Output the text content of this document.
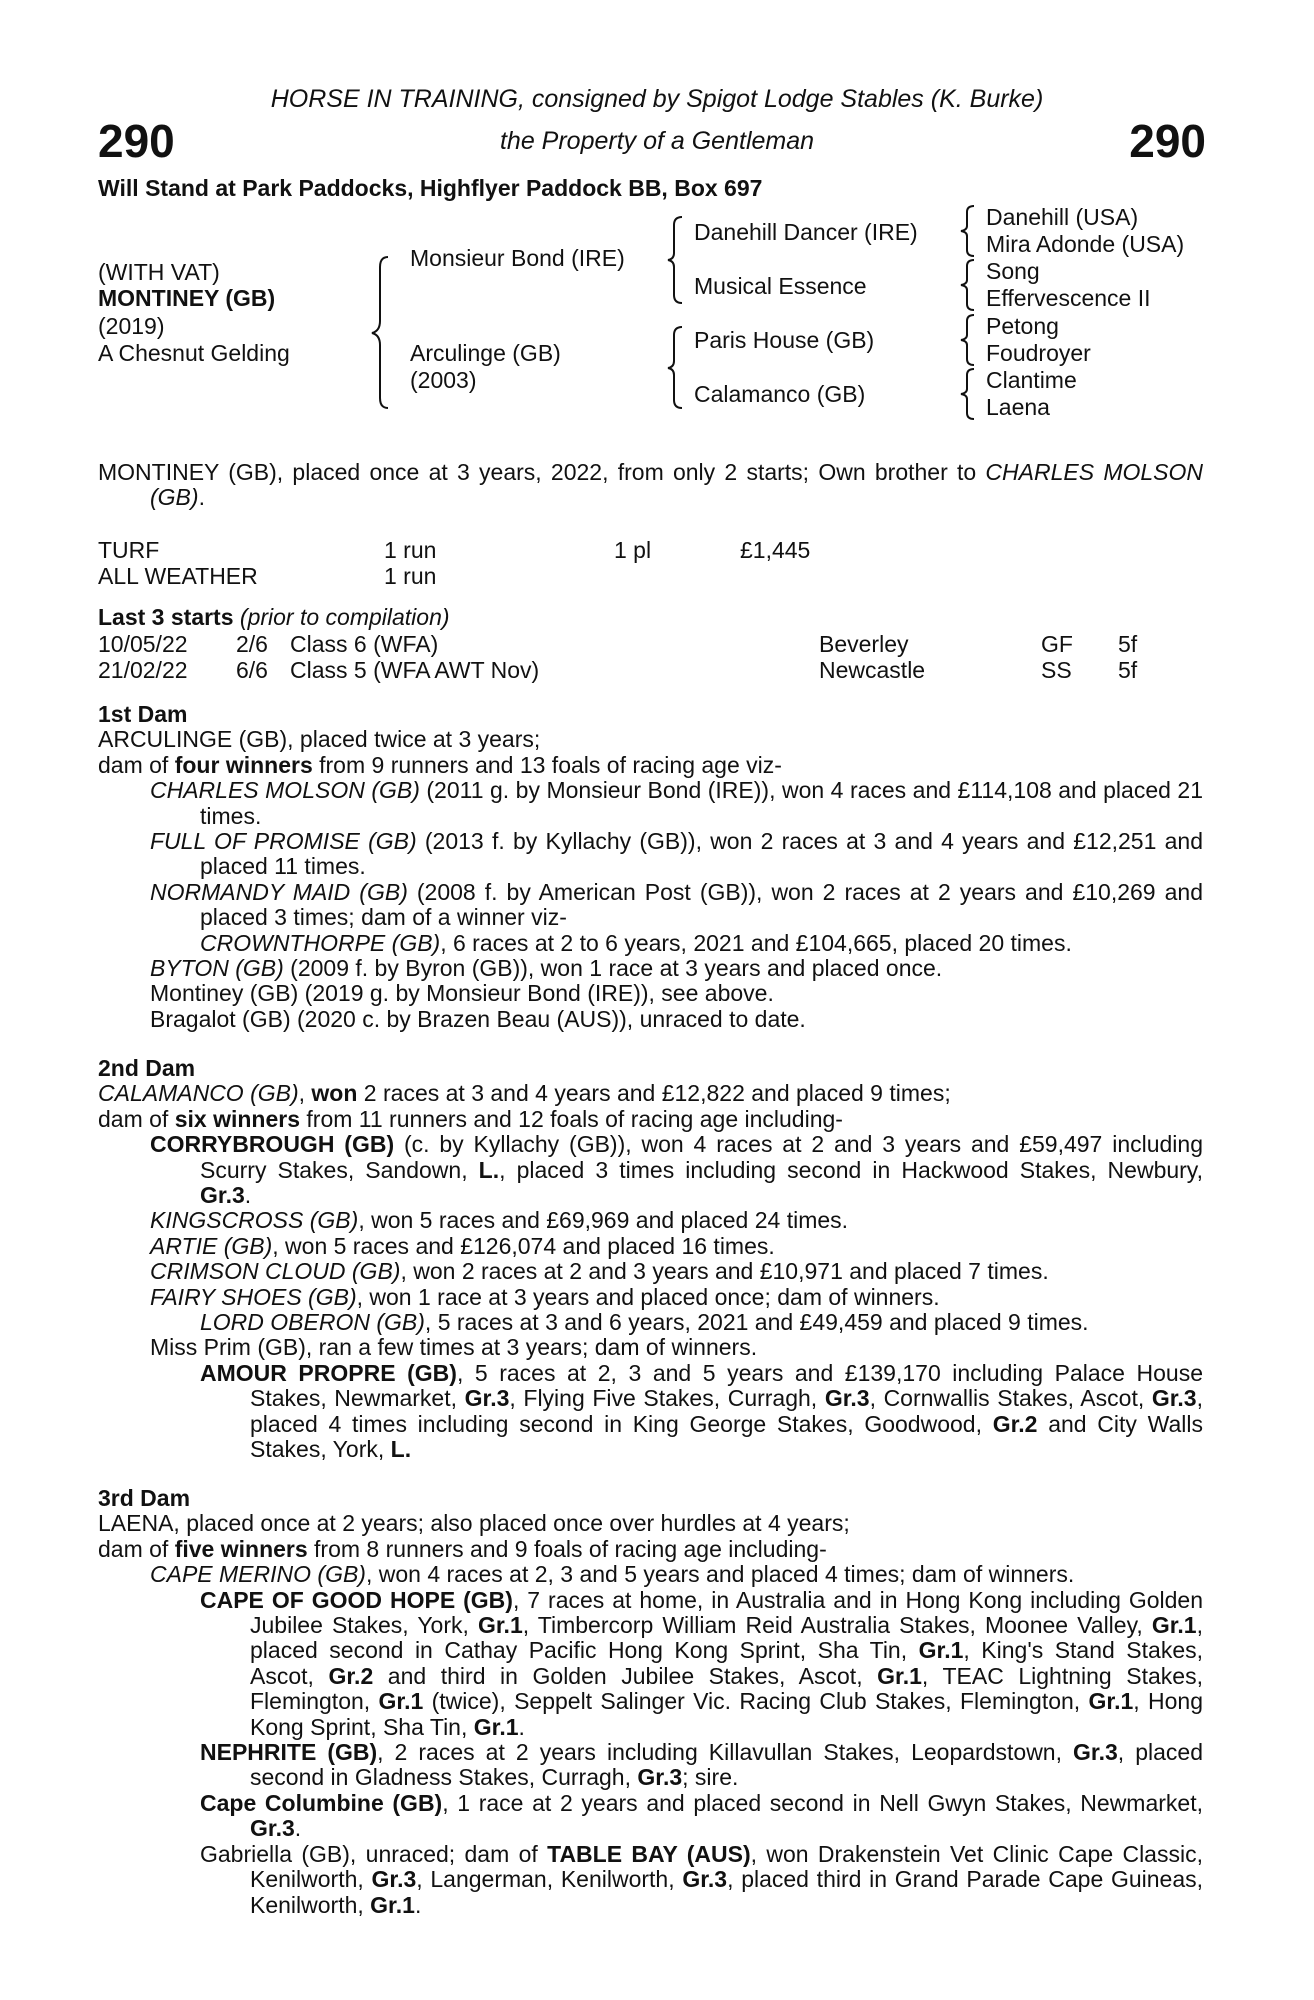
290	290
HORSE IN TRAINING, consigned by Spigot Lodge Stables (K. Burke)
the Property of a Gentleman
Will Stand at Park Paddocks, Highflyer Paddock BB, Box 697
(WITH VAT)
MONTINEY (GB)
(2019)
A Chesnut Gelding
Monsieur Bond (IRE)
Arculinge (GB)
(2003)
Danehill Dancer (IRE)
Musical Essence
Paris House (GB)
Calamanco (GB)
Danehill (USA)
Mira Adonde (USA)
Song
Effervescence II
Petong
Foudroyer
Clantime
Laena

MONTINEY (GB), placed once at 3 years, 2022, from only 2 starts; Own brother to CHARLES MOLSON (GB).

TURF	1 run	1 pl	£1,445
ALL WEATHER	1 run
Last 3 starts (prior to compilation)
10/05/22 2/6 Class 6 (WFA)	Beverley	GF 5f
21/02/22 6/6 Class 5 (WFA AWT Nov)	Newcastle	SS 5f

1st Dam

ARCULINGE (GB), placed twice at 3 years;

dam of four winners from 9 runners and 13 foals of racing age viz-

CHARLES MOLSON (GB) (2011 g. by Monsieur Bond (IRE)), won 4 races and £114,108 and placed 21 times.

FULL OF PROMISE (GB) (2013 f. by Kyllachy (GB)), won 2 races at 3 and 4 years and £12,251 and placed 11 times.

NORMANDY MAID (GB) (2008 f. by American Post (GB)), won 2 races at 2 years and £10,269 and placed 3 times; dam of a winner viz-

CROWNTHORPE (GB), 6 races at 2 to 6 years, 2021 and £104,665, placed 20 times.

BYTON (GB) (2009 f. by Byron (GB)), won 1 race at 3 years and placed once.

Montiney (GB) (2019 g. by Monsieur Bond (IRE)), see above.

Bragalot (GB) (2020 c. by Brazen Beau (AUS)), unraced to date.

2nd Dam

CALAMANCO (GB), won 2 races at 3 and 4 years and £12,822 and placed 9 times;

dam of six winners from 11 runners and 12 foals of racing age including-

CORRYBROUGH (GB) (c. by Kyllachy (GB)), won 4 races at 2 and 3 years and £59,497 including Scurry Stakes, Sandown, L., placed 3 times including second in Hackwood Stakes, Newbury, Gr.3.

KINGSCROSS (GB), won 5 races and £69,969 and placed 24 times.

ARTIE (GB), won 5 races and £126,074 and placed 16 times.

CRIMSON CLOUD (GB), won 2 races at 2 and 3 years and £10,971 and placed 7 times.

FAIRY SHOES (GB), won 1 race at 3 years and placed once; dam of winners.

LORD OBERON (GB), 5 races at 3 and 6 years, 2021 and £49,459 and placed 9 times.

Miss Prim (GB), ran a few times at 3 years; dam of winners.

AMOUR PROPRE (GB), 5 races at 2, 3 and 5 years and £139,170 including Palace House Stakes, Newmarket, Gr.3, Flying Five Stakes, Curragh, Gr.3, Cornwallis Stakes, Ascot, Gr.3, placed 4 times including second in King George Stakes, Goodwood, Gr.2 and City Walls Stakes, York, L.

3rd Dam

LAENA, placed once at 2 years; also placed once over hurdles at 4 years;

dam of five winners from 8 runners and 9 foals of racing age including-

CAPE MERINO (GB), won 4 races at 2, 3 and 5 years and placed 4 times; dam of winners.

CAPE OF GOOD HOPE (GB), 7 races at home, in Australia and in Hong Kong including Golden Jubilee Stakes, York, Gr.1, Timbercorp William Reid Australia Stakes, Moonee Valley, Gr.1, placed second in Cathay Pacific Hong Kong Sprint, Sha Tin, Gr.1, King's Stand Stakes, Ascot, Gr.2 and third in Golden Jubilee Stakes, Ascot, Gr.1, TEAC Lightning Stakes, Flemington, Gr.1 (twice), Seppelt Salinger Vic. Racing Club Stakes, Flemington, Gr.1, Hong Kong Sprint, Sha Tin, Gr.1.

NEPHRITE (GB), 2 races at 2 years including Killavullan Stakes, Leopardstown, Gr.3, placed second in Gladness Stakes, Curragh, Gr.3; sire.

Cape Columbine (GB), 1 race at 2 years and placed second in Nell Gwyn Stakes, Newmarket, Gr.3.

Gabriella (GB), unraced; dam of TABLE BAY (AUS), won Drakenstein Vet Clinic Cape Classic, Kenilworth, Gr.3, Langerman, Kenilworth, Gr.3, placed third in Grand Parade Cape Guineas, Kenilworth, Gr.1.
